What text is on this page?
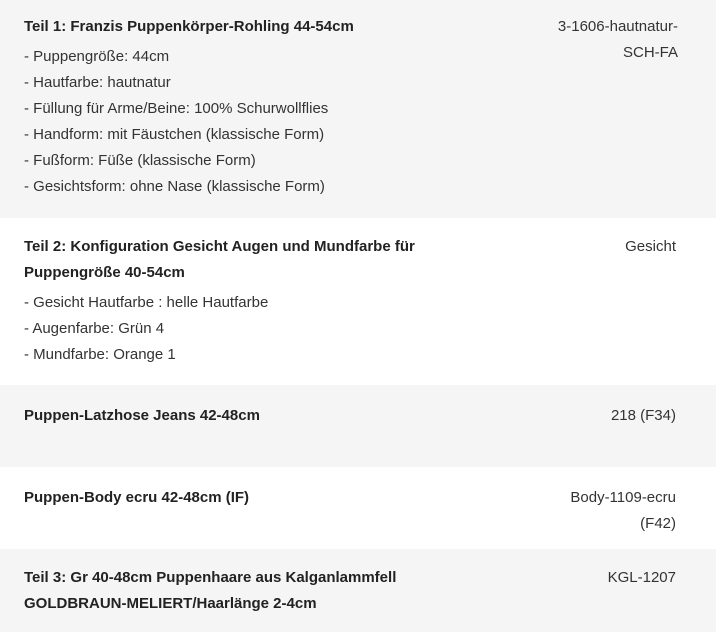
Teil 1: Franzis Puppenkörper-Rohling 44-54cm
- Puppengröße: 44cm
- Hautfarbe: hautnatur
- Füllung für Arme/Beine: 100% Schurwollflies
- Handform: mit Fäustchen (klassische Form)
- Fußform: Füße (klassische Form)
- Gesichtsform: ohne Nase (klassische Form)
3-1606-hautnatur-SCH-FA
Teil 2: Konfiguration Gesicht Augen und Mundfarbe für Puppengröße 40-54cm
- Gesicht Hautfarbe : helle Hautfarbe
- Augenfarbe: Grün 4
- Mundfarbe: Orange 1
Gesicht
Puppen-Latzhose Jeans 42-48cm	218 (F34)
Puppen-Body ecru 42-48cm (IF)	Body-1109-ecru (F42)
Teil 3: Gr 40-48cm Puppenhaare aus Kalganlammfell GOLDBRAUN-MELIERT/Haarlänge 2-4cm
KGL-1207
